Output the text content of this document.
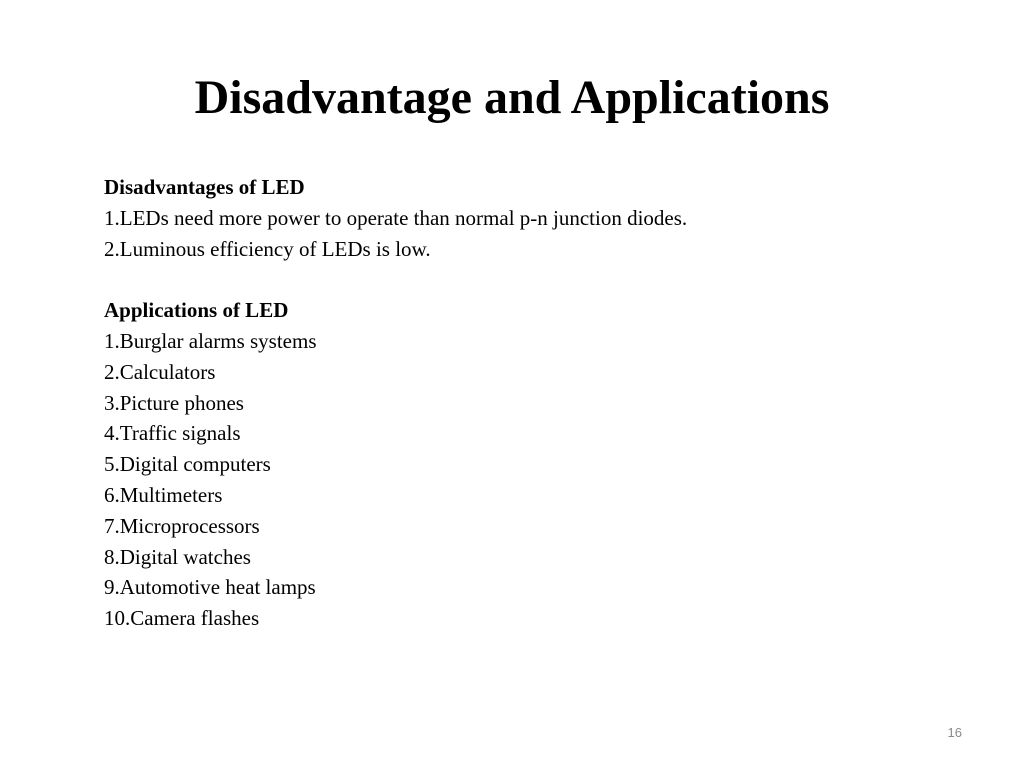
Disadvantage and Applications
Disadvantages of LED
1.LEDs need more power to operate than normal p-n junction diodes.
2.Luminous efficiency of LEDs is low.
Applications of LED
1.Burglar alarms systems
2.Calculators
3.Picture phones
4.Traffic signals
5.Digital computers
6.Multimeters
7.Microprocessors
8.Digital watches
9.Automotive heat lamps
10.Camera flashes
16
